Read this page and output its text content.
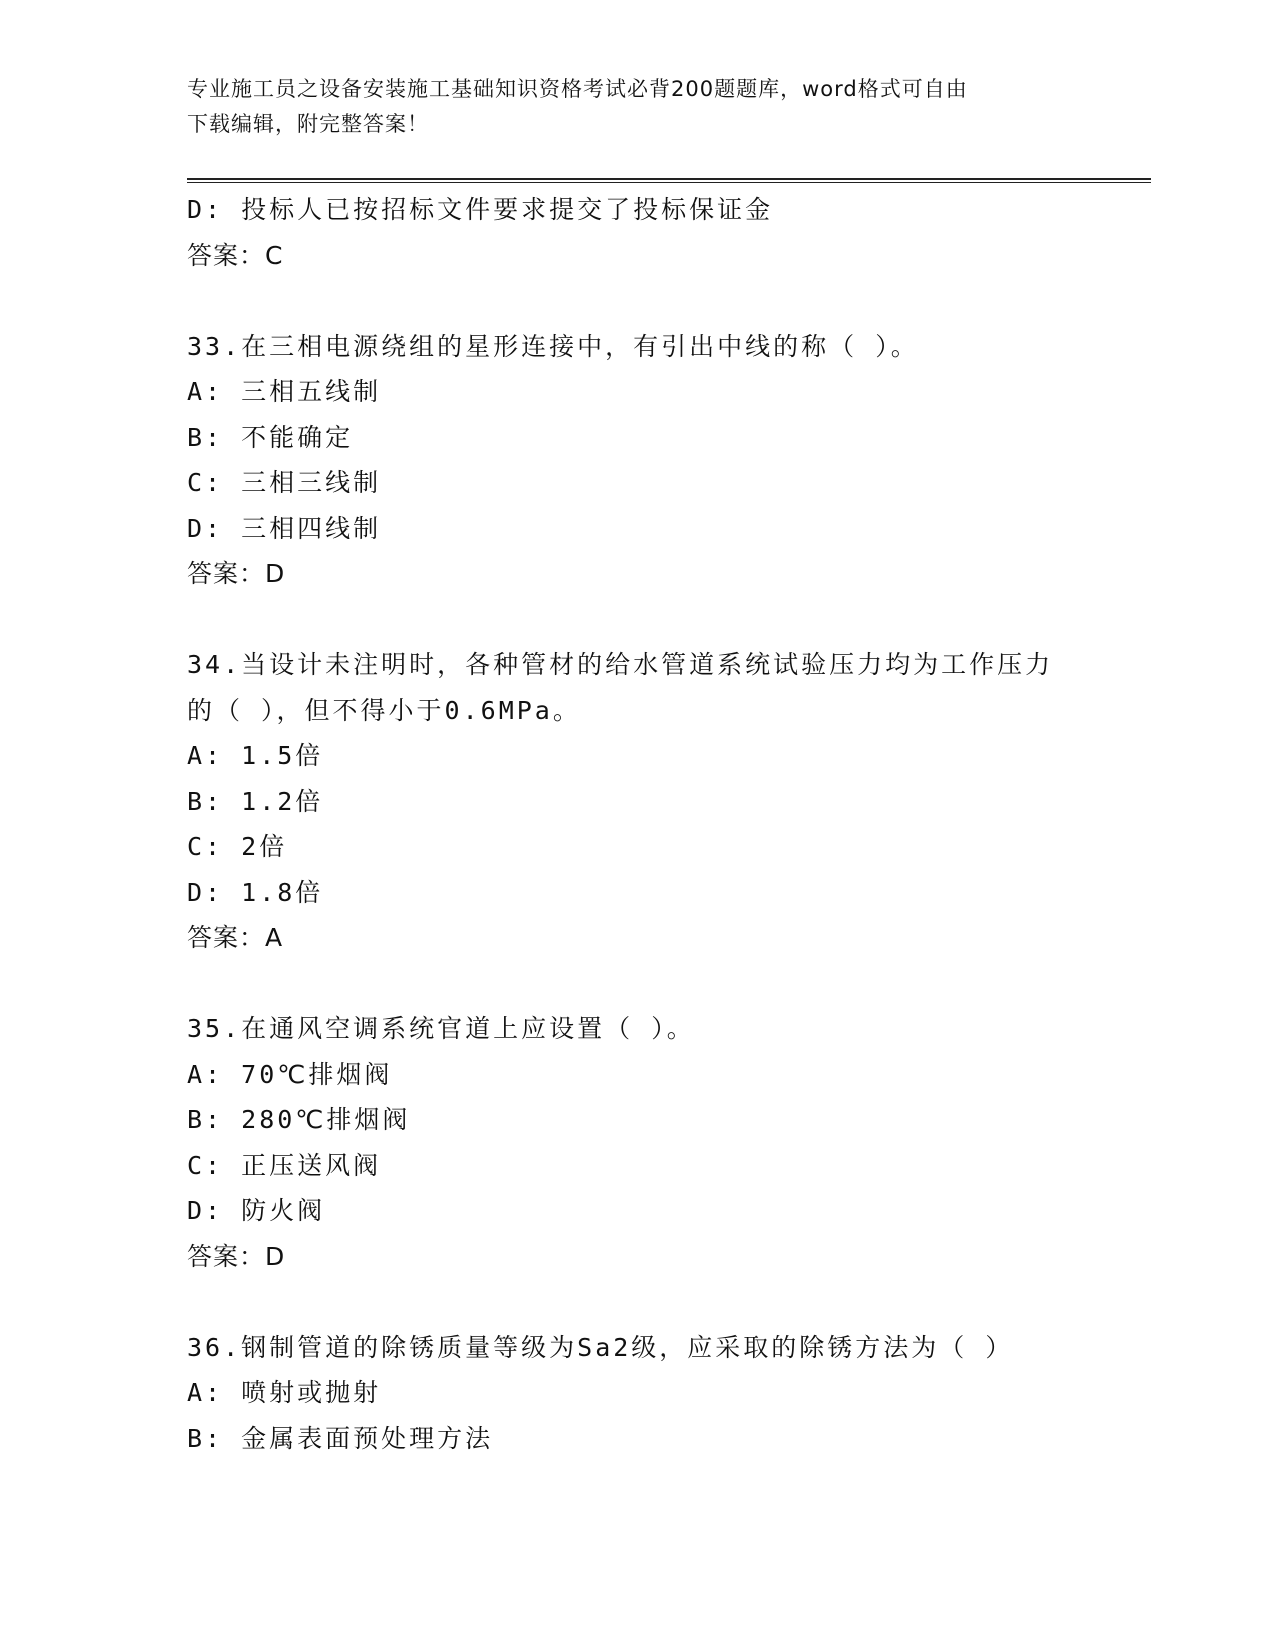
专业施工员之设备安装施工基础知识资格考试必背200题题库，word格式可自由
下载编辑，附完整答案！
D: 投标人已按招标文件要求提交了投标保证金
答案：C
33.在三相电源绕组的星形连接中，有引出中线的称（ ）。
A: 三相五线制
B: 不能确定
C: 三相三线制
D: 三相四线制
答案：D
34.当设计未注明时，各种管材的给水管道系统试验压力均为工作压力
的（ ），但不得小于0.6MPa。
A: 1.5倍
B: 1.2倍
C: 2倍
D: 1.8倍
答案：A
35.在通风空调系统官道上应设置（ ）。
A: 70℃排烟阀
B: 280℃排烟阀
C: 正压送风阀
D: 防火阀
答案：D
36.钢制管道的除锈质量等级为Sa2级，应采取的除锈方法为（ ）
A: 喷射或抛射
B: 金属表面预处理方法
